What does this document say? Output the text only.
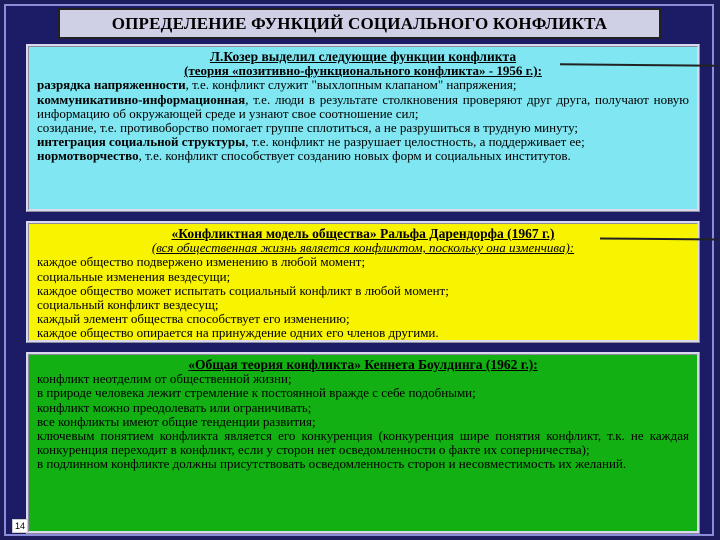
ОПРЕДЕЛЕНИЕ ФУНКЦИЙ СОЦИАЛЬНОГО КОНФЛИКТА
Л.Козер выделил следующие функции конфликта
(теория «позитивно-функционального конфликта» - 1956 г.):
разрядка напряженности, т.е. конфликт служит "выхлопным клапаном" напряжения;
коммуникативно-информационная, т.е. люди в результате столкновения проверяют друг друга, получают новую информацию об окружающей среде и узнают свое соотношение сил;
созидание, т.е. противоборство помогает группе сплотиться, а не разрушиться в трудную минуту;
интеграция социальной структуры, т.е. конфликт не разрушает целостность, а поддерживает ее;
нормотворчество, т.е. конфликт способствует созданию новых форм и социальных институтов.
«Конфликтная модель общества» Ральфа Дарендорфа (1967 г.)
(вся общественная жизнь является конфликтом, поскольку она изменчива):
каждое общество подвержено изменению в любой момент;
социальные изменения вездесущи;
каждое общество может испытать социальный конфликт в любой момент;
социальный конфликт вездесущ;
каждый элемент общества способствует его изменению;
каждое общество опирается на принуждение одних его членов другими.
«Общая теория конфликта» Кеннета Боулдинга (1962 г.):
конфликт неотделим от общественной жизни;
в природе человека лежит стремление к постоянной вражде с себе подобными;
конфликт можно преодолевать или ограничивать;
все конфликты имеют общие тенденции развития;
ключевым понятием конфликта является его конкуренция (конкуренция шире понятия конфликт, т.к. не каждая конкуренция переходит в конфликт, если у сторон нет осведомленности о факте их соперничества);
в подлинном конфликте должны присутствовать осведомленность сторон и несовместимость их желаний.
14
